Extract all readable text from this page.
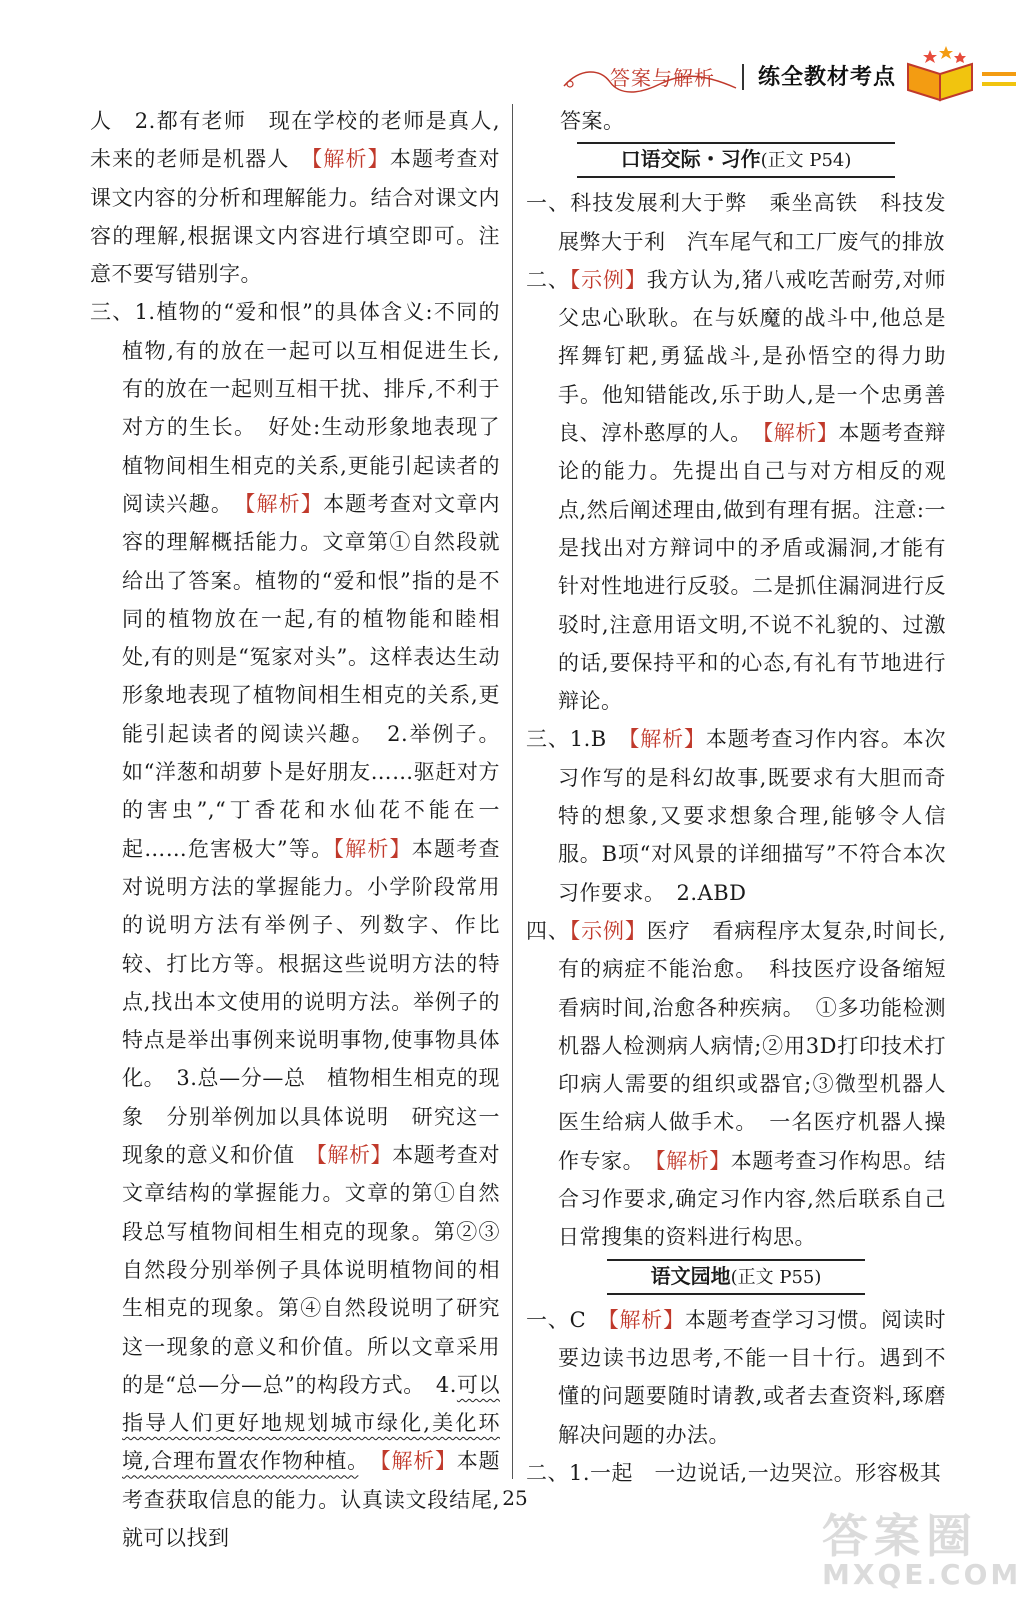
答案与解析 练全教材考点

人　2.都有老师　现在学校的老师是真人,未来的老师是机器人　【解析】本题考查对课文内容的分析和理解能力。结合对课文内容的理解,根据课文内容进行填空即可。注意不要写错别字。

三、1.植物的“爱和恨”的具体含义:不同的植物,有的放在一起可以互相促进生长,有的放在一起则互相干扰、排斥,不利于对方的生长。　好处:生动形象地表现了植物间相生相克的关系,更能引起读者的阅读兴趣。　【解析】本题考查对文章内容的理解概括能力。文章第①自然段就给出了答案。植物的“爱和恨”指的是不同的植物放在一起,有的植物能和睦相处,有的则是“冤家对头”。这样表达生动形象地表现了植物间相生相克的关系,更能引起读者的阅读兴趣。　2.举例子。如“洋葱和胡萝卜是好朋友……驱赶对方的害虫”,“丁香花和水仙花不能在一起……危害极大”等。【解析】本题考查对说明方法的掌握能力。小学阶段常用的说明方法有举例子、列数字、作比较、打比方等。根据这些说明方法的特点,找出本文使用的说明方法。举例子的特点是举出事例来说明事物,使事物具体化。　3.总—分—总　植物相生相克的现象　分别举例加以具体说明　研究这一现象的意义和价值　【解析】本题考查对文章结构的掌握能力。文章的第①自然段总写植物间相生相克的现象。第②③自然段分别举例子具体说明植物间的相生相克的现象。第④自然段说明了研究这一现象的意义和价值。所以文章采用的是“总—分—总”的构段方式。　4.可以指导人们更好地规划城市绿化,美化环境,合理布置农作物种植。　 【解析】本题考查获取信息的能力。认真读文段结尾,就可以找到

答案。

口语交际・习作(正文 P54)

一、科技发展利大于弊　乘坐高铁　科技发展弊大于利　汽车尾气和工厂废气的排放

二、【示例】我方认为,猪八戒吃苦耐劳,对师父忠心耿耿。在与妖魔的战斗中,他总是挥舞钉耙,勇猛战斗,是孙悟空的得力助手。他知错能改,乐于助人,是一个忠勇善良、淳朴憨厚的人。　【解析】本题考查辩论的能力。先提出自己与对方相反的观点,然后阐述理由,做到有理有据。注意:一是找出对方辩词中的矛盾或漏洞,才能有针对性地进行反驳。二是抓住漏洞进行反驳时,注意用语文明,不说不礼貌的、过激的话,要保持平和的心态,有礼有节地进行辩论。

三、1.B　【解析】本题考查习作内容。本次习作写的是科幻故事,既要求有大胆而奇特的想象,又要求想象合理,能够令人信服。B项“对风景的详细描写”不符合本次习作要求。　2.ABD

四、【示例】医疗　看病程序太复杂,时间长,有的病症不能治愈。　科技医疗设备缩短看病时间,治愈各种疾病。　①多功能检测机器人检测病人病情;②用3D打印技术打印病人需要的组织或器官;③微型机器人医生给病人做手术。　一名医疗机器人操作专家。　【解析】本题考查习作构思。结合习作要求,确定习作内容,然后联系自己日常搜集的资料进行构思。

语文园地(正文 P55)

一、C　【解析】本题考查学习习惯。阅读时要边读书边思考,不能一目十行。遇到不懂的问题要随时请教,或者去查资料,琢磨解决问题的办法。

二、1.一起　一边说话,一边哭泣。形容极其

25
答案圈
MXQE.COM
